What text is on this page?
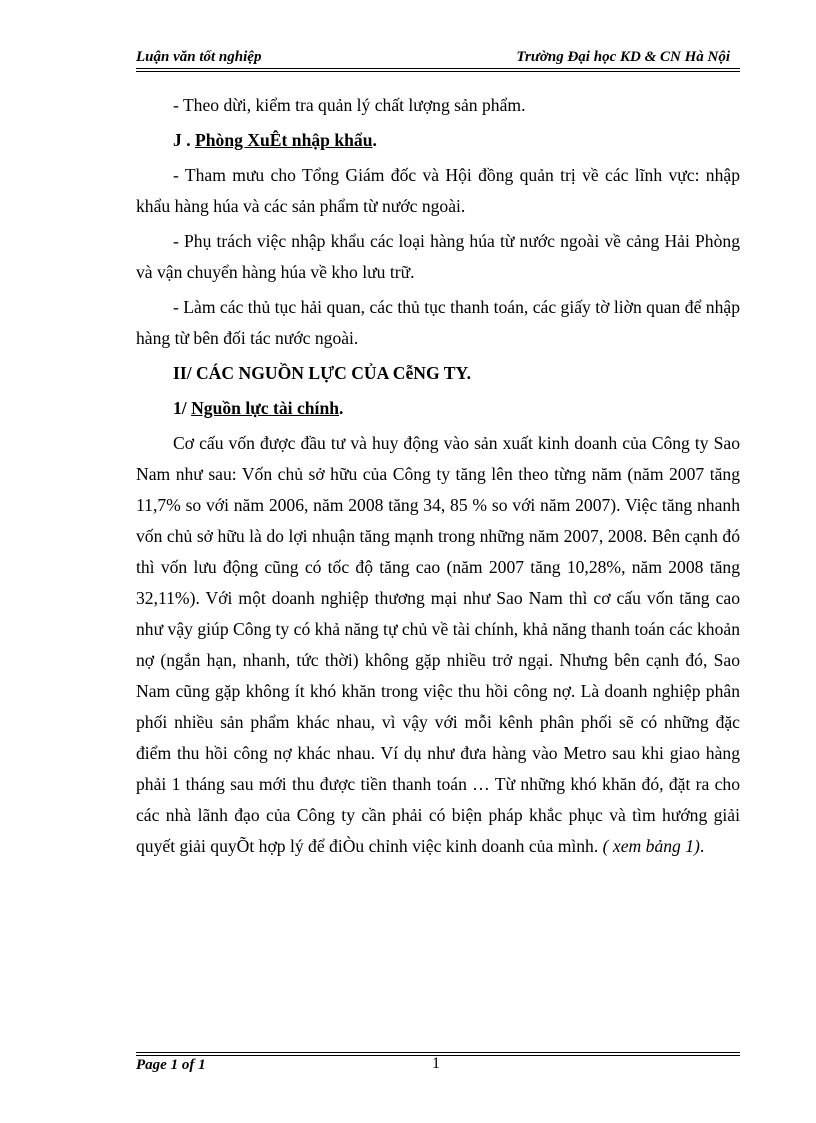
Luận văn tốt nghiệp	Trường Đại học KD & CN Hà Nội

- Theo dừi, kiểm tra quản lý chất lượng sản phẩm.

J . Phòng XuÊt nhập khẩu.

- Tham mưu cho Tổng Giám đốc và Hội đồng quản trị về các lĩnh vực: nhập khẩu hàng húa và các sản phẩm từ nước ngoài.

- Phụ trách việc nhập khẩu các loại hàng húa từ nước ngoài về cảng Hải Phòng và vận chuyển hàng húa về kho lưu trữ.

- Làm các thủ tục hải quan, các thủ tục thanh toán, các giấy tờ liờn quan để nhập hàng từ bên đối tác nước ngoài.

II/ CÁC NGUỒN LỰC CỦA CễNG TY.

1/ Nguồn lực tài chính.

Cơ cấu vốn được đầu tư và huy động vào sản xuất kinh doanh của Công ty Sao Nam như sau: Vốn chủ sở hữu của Công ty tăng lên theo từng năm (năm 2007 tăng 11,7% so với năm 2006, năm 2008 tăng 34, 85 % so với năm 2007). Việc tăng nhanh vốn chủ sở hữu là do lợi nhuận tăng mạnh trong những năm 2007, 2008. Bên cạnh đó thì vốn lưu động cũng có tốc độ tăng cao (năm 2007 tăng 10,28%, năm 2008 tăng 32,11%). Với một doanh nghiệp thương mại như Sao Nam thì cơ cấu vốn tăng cao như vậy giúp Công ty có khả năng tự chủ về tài chính, khả năng thanh toán các khoản nợ (ngắn hạn, nhanh, tức thời) không gặp nhiều trở ngại. Nhưng bên cạnh đó, Sao Nam cũng gặp không ít khó khăn trong việc thu hồi công nợ. Là doanh nghiệp phân phối nhiều sản phẩm khác nhau, vì vậy với mỗi kênh phân phối sẽ có những đặc điểm thu hồi công nợ khác nhau. Ví dụ như đưa hàng vào Metro sau khi giao hàng phải 1 tháng sau mới thu được tiền thanh toán … Từ những khó khăn đó, đặt ra cho các nhà lãnh đạo của Công ty cần phải có biện pháp khắc phục và tìm hướng giải quyết giải quyÕt hợp lý để điÒu chỉnh việc kinh doanh của mình. ( xem bảng 1).

Page 1 of 1	1
